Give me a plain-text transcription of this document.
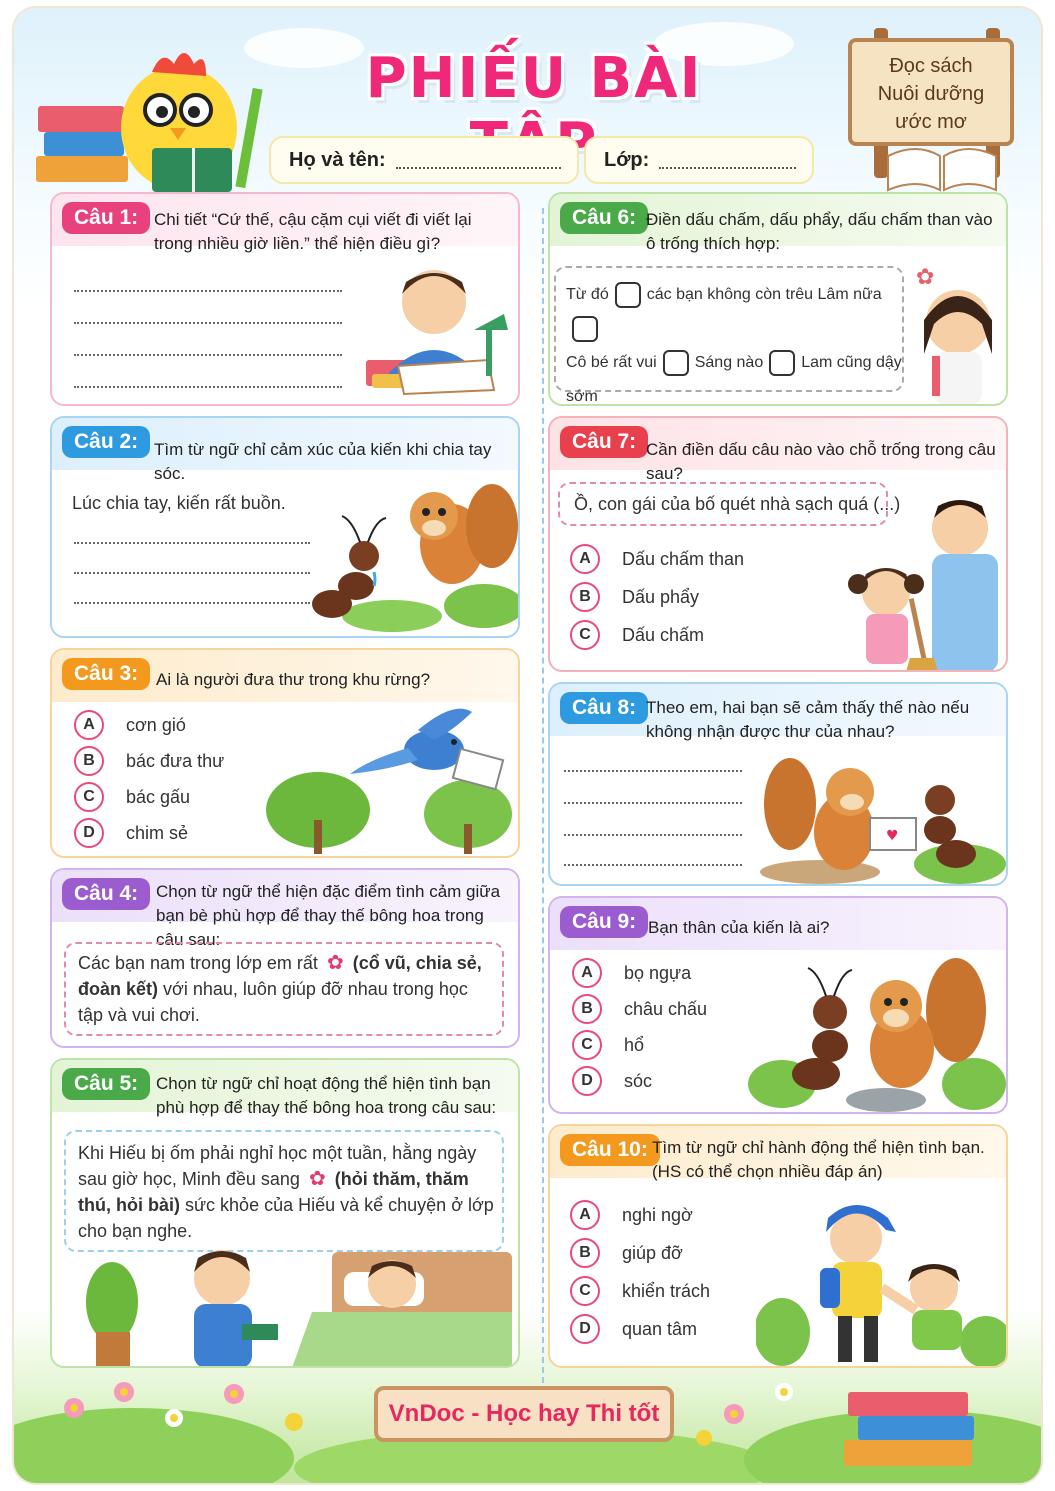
PHIẾU BÀI
Họ và tên:	Lớp:
Đọc sách
Nuôi dưỡng
ước mơ
Câu 1: Chi tiết “Cứ thế, cậu cặm cụi viết đi viết lại trong nhiều giờ liền.” thể hiện điều gì?
Câu 2: Tìm từ ngữ chỉ cảm xúc của kiến khi chia tay sóc.
Lúc chia tay, kiến rất buồn.
Câu 3:	Ai là người đưa thư trong khu rừng?
A	cơn gió
B	bác đưa thư
C	bác gấu
D	chim sẻ
Câu 4:	Chọn từ ngữ thể hiện đặc điểm tình cảm giữa bạn bè phù hợp để thay thế bông hoa trong câu sau:
Các bạn nam trong lớp em rất ✿ (cổ vũ, chia sẻ, đoàn kết) với nhau, luôn giúp đỡ nhau trong học tập và vui chơi.
Câu 5:	Chọn từ ngữ chỉ hoạt động thể hiện tình bạn phù hợp để thay thế bông hoa trong câu sau:
Khi Hiếu bị ốm phải nghỉ học một tuần, hằng ngày sau giờ học, Minh đều sang ✿ (hỏi thăm, thăm thú, hỏi bài) sức khỏe của Hiếu và kể chuyện ở lớp cho bạn nghe.
Câu 6: Điền dấu chấm, dấu phẩy, dấu chấm than vào ô trống thích hợp:
Từ đó các bạn không còn trêu Lâm nữa
Cô bé rất vui Sáng nào Lam cũng dậy sớm
✿
Câu 7: Cần điền dấu câu nào vào chỗ trống trong câu sau?
Ồ, con gái của bố quét nhà sạch quá (...)
A	Dấu chấm than
B	Dấu phẩy
C	Dấu chấm
Câu 8: Theo em, hai bạn sẽ cảm thấy thế nào nếu không nhận được thư của nhau?
♥
Câu 9: Bạn thân của kiến là ai?
A	bọ ngựa
B	châu chấu
C	hổ
D	sóc
Câu 10: Tìm từ ngữ chỉ hành động thể hiện tình bạn.
(HS có thể chọn nhiều đáp án)
A	nghi ngờ
B	giúp đỡ
C	khiển trách
D	quan tâm
VnDoc - Học hay Thi tốt
